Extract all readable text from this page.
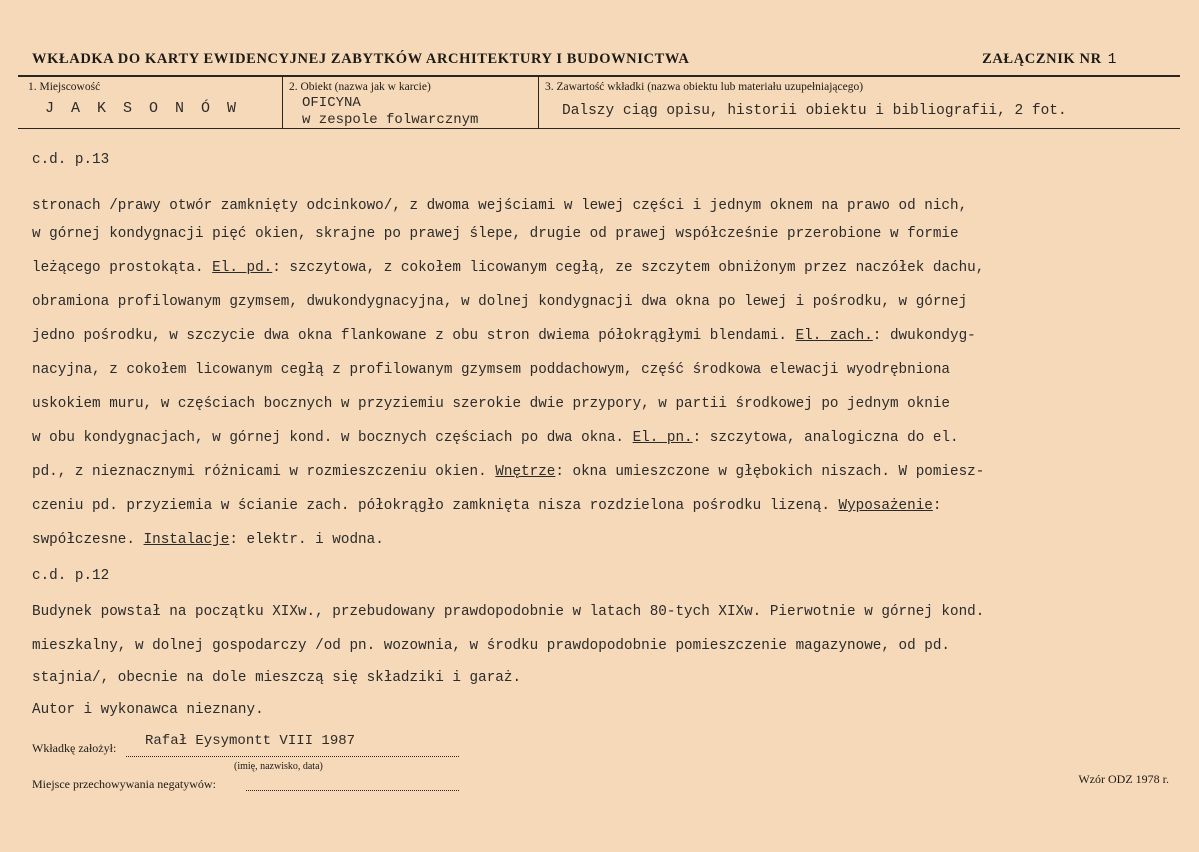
WKŁADKA DO KARTY EWIDENCYJNEJ ZABYTKÓW ARCHITEKTURY I BUDOWNICTWA	ZAŁĄCZNIK NR 1
1. Miejscowość
J A K S O N Ó W
2. Obiekt (nazwa jak w karcie)
OFICYNA
w zespole folwarcznym
3. Zawartość wkładki (nazwa obiektu lub materiału uzupełniającego)
Dalszy ciąg opisu, historii obiektu i bibliografii, 2 fot.
c.d. p.13
stronach /prawy otwór zamknięty odcinkowo/, z dwoma wejściami w lewej części i jednym oknem na prawo od nich,
w górnej kondygnacji pięć okien, skrajne po prawej ślepe, drugie od prawej współcześnie przerobione w formie
leżącego prostokąta. El. pd.: szczytowa, z cokołem licowanym cegłą, ze szczytem obniżonym przez naczółek dachu,
obramiona profilowanym gzymsem, dwukondygnacyjna, w dolnej kondygnacji dwa okna po lewej i pośrodku, w górnej
jedno pośrodku, w szczycie dwa okna flankowane z obu stron dwiema półokrągłymi blendami. El. zach.: dwukondyg-
nacyjna, z cokołem licowanym cegłą z profilowanym gzymsem poddachowym, część środkowa elewacji wyodrębniona
uskokiem muru, w częściach bocznych w przyziemiu szerokie dwie przypory, w partii środkowej po jednym oknie
w obu kondygnacjach, w górnej kond. w bocznych częściach po dwa okna. El. pn.: szczytowa, analogiczna do el.
pd., z nieznacznymi różnicami w rozmieszczeniu okien. Wnętrze: okna umieszczone w głębokich niszach. W pomiesz-
czeniu pd. przyziemia w ścianie zach. półokrągło zamknięta nisza rozdzielona pośrodku lizeną. Wyposażenie:
swpółczesne. Instalacje: elektr. i wodna.
c.d. p.12
Budynek powstał na początku XIXw., przebudowany prawdopodobnie w latach 80-tych XIXw. Pierwotnie w górnej kond.
mieszkalny, w dolnej gospodarczy /od pn. wozownia, w środku prawdopodobnie pomieszczenie magazynowe, od pd.
stajnia/, obecnie na dole mieszczą się składziki i garaż.
Autor i wykonawca nieznany.
Wkładkę założył: Rafał Eysymontt VIII 1987
(imię, nazwisko, data)
Miejsce przechowywania negatywów:	Wzór ODZ 1978 r.
